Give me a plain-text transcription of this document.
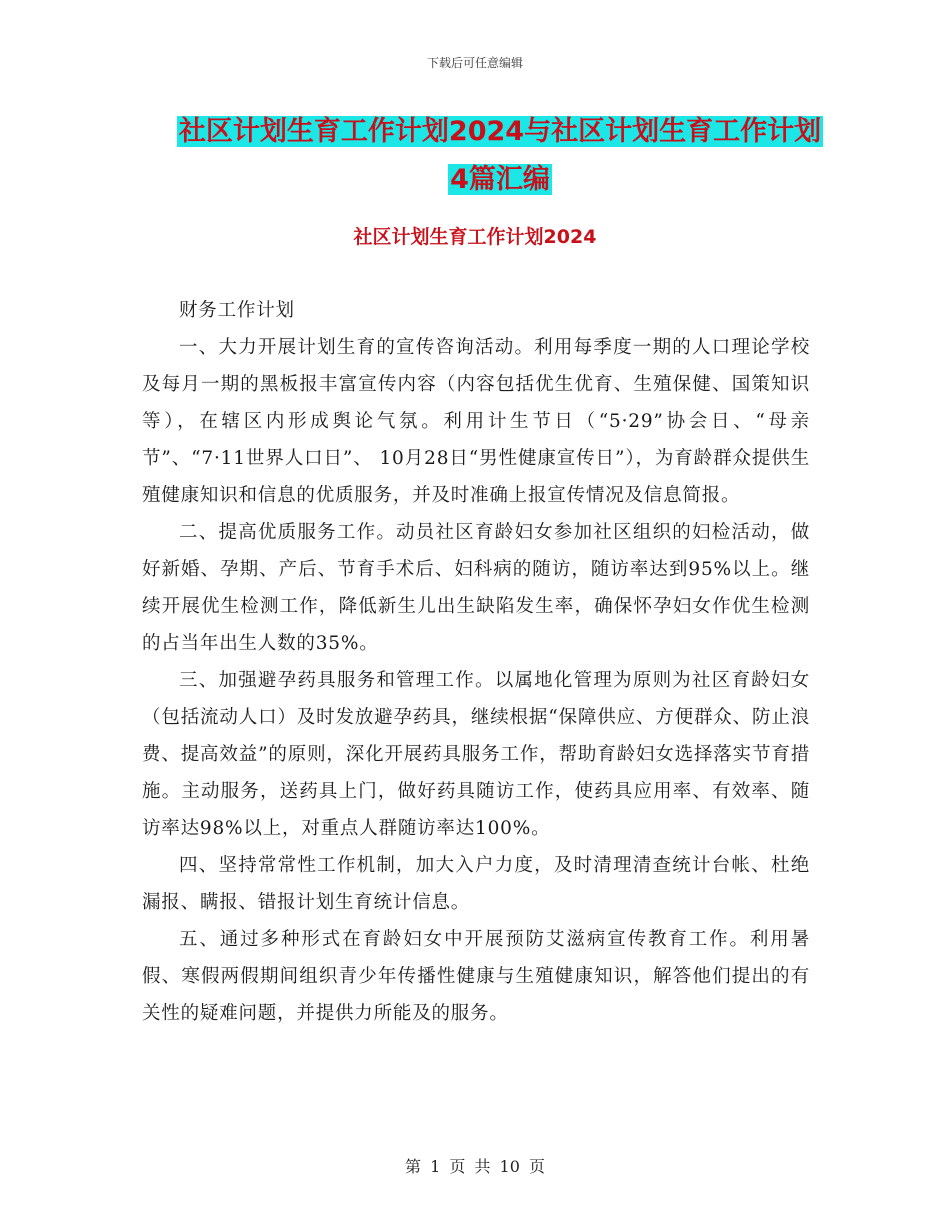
下载后可任意编辑
社区计划生育工作计划2024与社区计划生育工作计划
4篇汇编
社区计划生育工作计划2024

财务工作计划

一、大力开展计划生育的宣传咨询活动。利用每季度一期的人口理论学校及每月一期的黑板报丰富宣传内容（内容包括优生优育、生殖保健、国策知识等），在辖区内形成舆论气氛。利用计生节日（“5·29”协会日、“母亲节”、“7·11世界人口日”、 10月28日“男性健康宣传日”），为育龄群众提供生殖健康知识和信息的优质服务，并及时准确上报宣传情况及信息简报。

二、提高优质服务工作。动员社区育龄妇女参加社区组织的妇检活动，做好新婚、孕期、产后、节育手术后、妇科病的随访，随访率达到95%以上。继续开展优生检测工作，降低新生儿出生缺陷发生率，确保怀孕妇女作优生检测的占当年出生人数的35%。

三、加强避孕药具服务和管理工作。以属地化管理为原则为社区育龄妇女（包括流动人口）及时发放避孕药具，继续根据“保障供应、方便群众、防止浪费、提高效益”的原则，深化开展药具服务工作，帮助育龄妇女选择落实节育措施。主动服务，送药具上门，做好药具随访工作，使药具应用率、有效率、随访率达98%以上，对重点人群随访率达100%。

四、坚持常常性工作机制，加大入户力度，及时清理清查统计台帐、杜绝漏报、瞒报、错报计划生育统计信息。

五、通过多种形式在育龄妇女中开展预防艾滋病宣传教育工作。利用暑假、寒假两假期间组织青少年传播性健康与生殖健康知识，解答他们提出的有关性的疑难问题，并提供力所能及的服务。

第 1 页 共 10 页
